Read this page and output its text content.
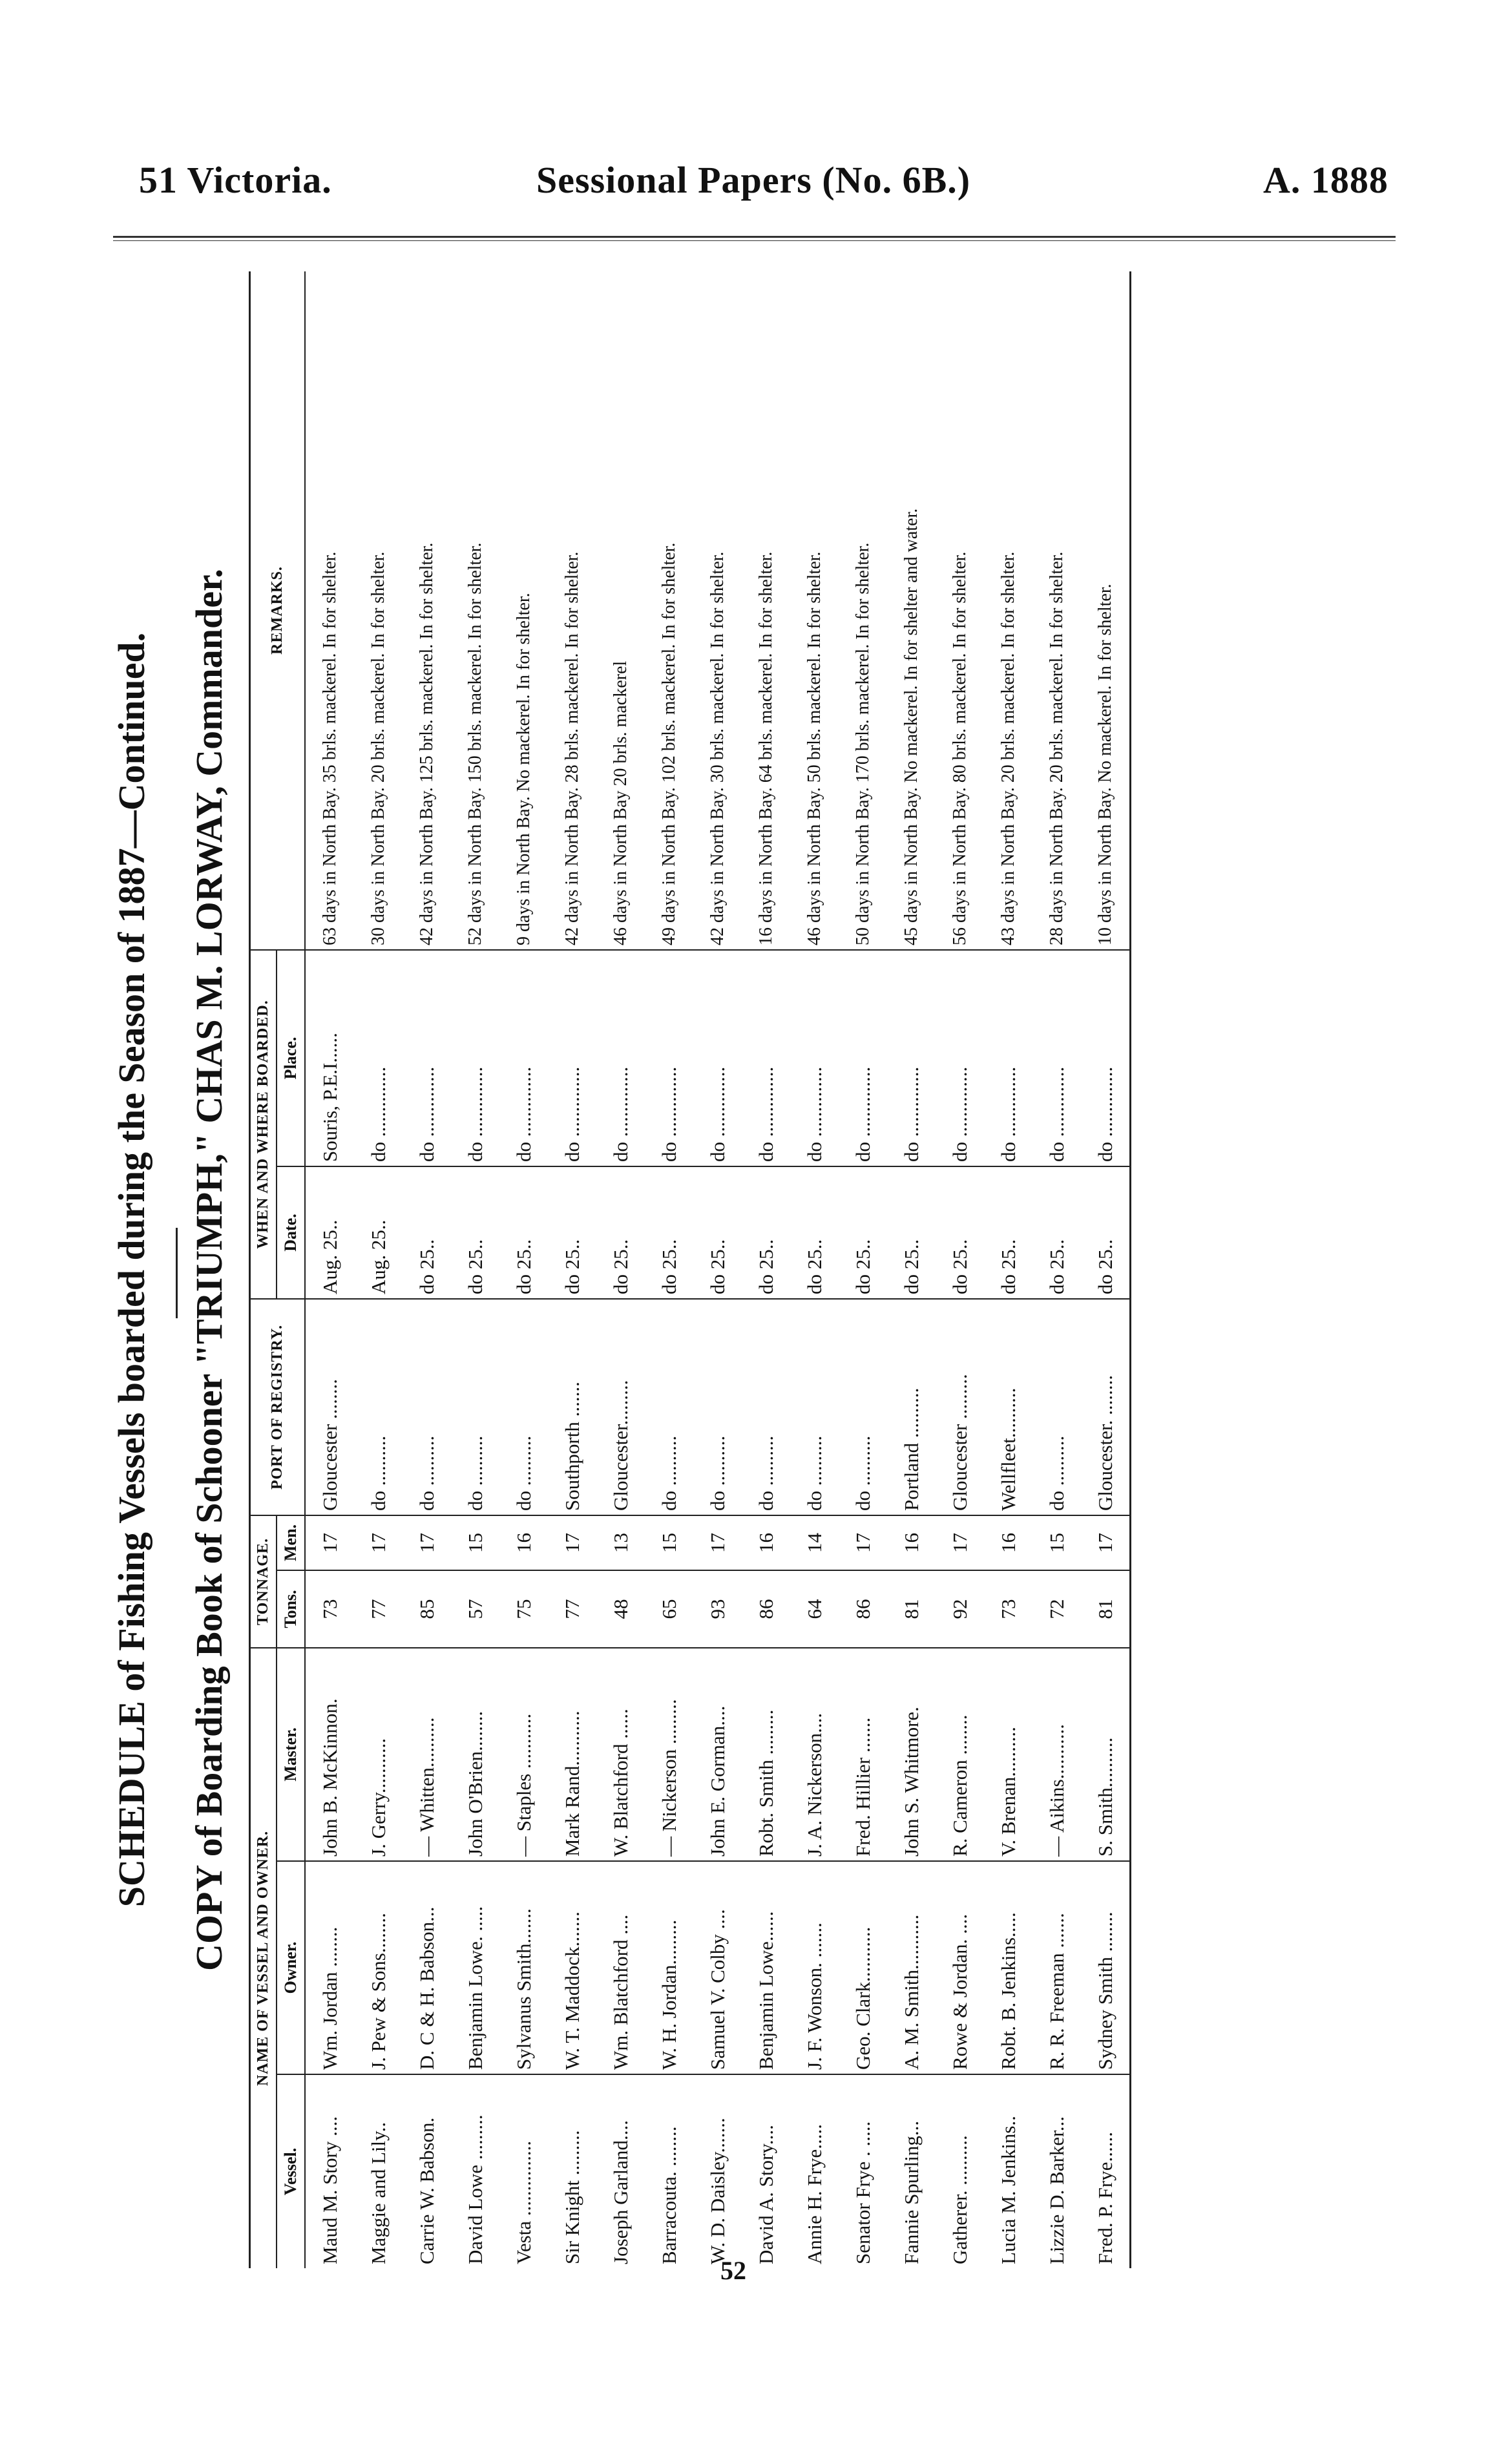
51 Victoria.	Sessional Papers (No. 6B.)	A. 1888
SCHEDULE of Fishing Vessels boarded during the Season of 1887—Continued. COPY of Boarding Book of Schooner "TRIUMPH," CHAS M. LORWAY, Commander. NAME OF VESSEL AND OWNER.			TONNAGE.		PORT OF REGISTRY.	WHEN AND WHERE BOARDED.		REMARKS.
Vessel.	Owner.	Master.	Tons.	Men.		Date.	Place.	
Maud M. Story ....	Wm. Jordan ........	John B. McKinnon.	73	17	Gloucester ........	Aug. 25..	Souris, P.E.I......	63 days in North Bay. 35 brls. mackerel. In for shelter.
Maggie and Lily..	J. Pew & Sons........	J. Gerry...........	77	17	do ..........	Aug. 25..	do ..............	30 days in North Bay. 20 brls. mackerel. In for shelter.
Carrie W. Babson.	D. C & H. Babson...	— Whitten..........	85	17	do ..........	do 25..	do ..............	42 days in North Bay. 125 brls. mackerel. In for shelter.
David Lowe .........	Benjamin Lowe. .....	John O'Brien........	57	15	do ..........	do 25..	do ..............	52 days in North Bay. 150 brls. mackerel. In for shelter.
Vesta ...............	Sylvanus Smith.......	— Staples ...........	75	16	do ..........	do 25..	do ..............	9 days in North Bay. No mackerel. In for shelter.
Sir Knight .........	W. T. Maddock.......	Mark Rand...........	77	17	Southporth .......	do 25..	do ..............	42 days in North Bay. 28 brls. mackerel. In for shelter.
Joseph Garland....	Wm. Blatchford ....	W. Blatchford ......	48	13	Gloucester.........	do 25..	do ..............	46 days in North Bay 20 brls. mackerel
Barracouta. ........	W. H. Jordan.........	— Nickerson .........	65	15	do ..........	do 25..	do ..............	49 days in North Bay. 102 brls. mackerel. In for shelter.
W. D. Daisley.......	Samuel V. Colby ....	John E. Gorman....	93	17	do ..........	do 25..	do ..............	42 days in North Bay. 30 brls. mackerel. In for shelter.
David A. Story....	Benjamin Lowe......	Robt. Smith .........	86	16	do ..........	do 25..	do ..............	16 days in North Bay. 64 brls. mackerel. In for shelter.
Annie H. Frye.....	J. F. Wonson. .......	J. A. Nickerson....	64	14	do ..........	do 25..	do ..............	46 days in North Bay. 50 brls. mackerel. In for shelter.
Senator Frye . .....	Geo. Clark...........	Fred. Hillier .......	86	17	do ..........	do 25..	do ..............	50 days in North Bay. 170 brls. mackerel. In for shelter.
Fannie Spurling...	A. M. Smith...........	John S. Whitmore.	81	16	Portland ..........	do 25..	do ..............	45 days in North Bay. No mackerel. In for shelter and water.
Gatherer. ..........	Rowe & Jordan. ....	R. Cameron ........	92	17	Gloucester .........	do 25..	do ..............	56 days in North Bay. 80 brls. mackerel. In for shelter.
Lucia M. Jenkins..	Robt. B. Jenkins.....	V. Brenan..........	73	16	Wellfleet..........	do 25..	do ..............	43 days in North Bay. 20 brls. mackerel. In for shelter.
Lizzie D. Barker...	R. R. Freeman .......	— Aikins...........	72	15	do ..........	do 25..	do ..............	28 days in North Bay. 20 brls. mackerel. In for shelter.
Fred. P. Frye......	Sydney Smith ........	S. Smith..........	81	17	Gloucester. ........	do 25..	do ..............	10 days in North Bay. No mackerel. In for shelter.
52
